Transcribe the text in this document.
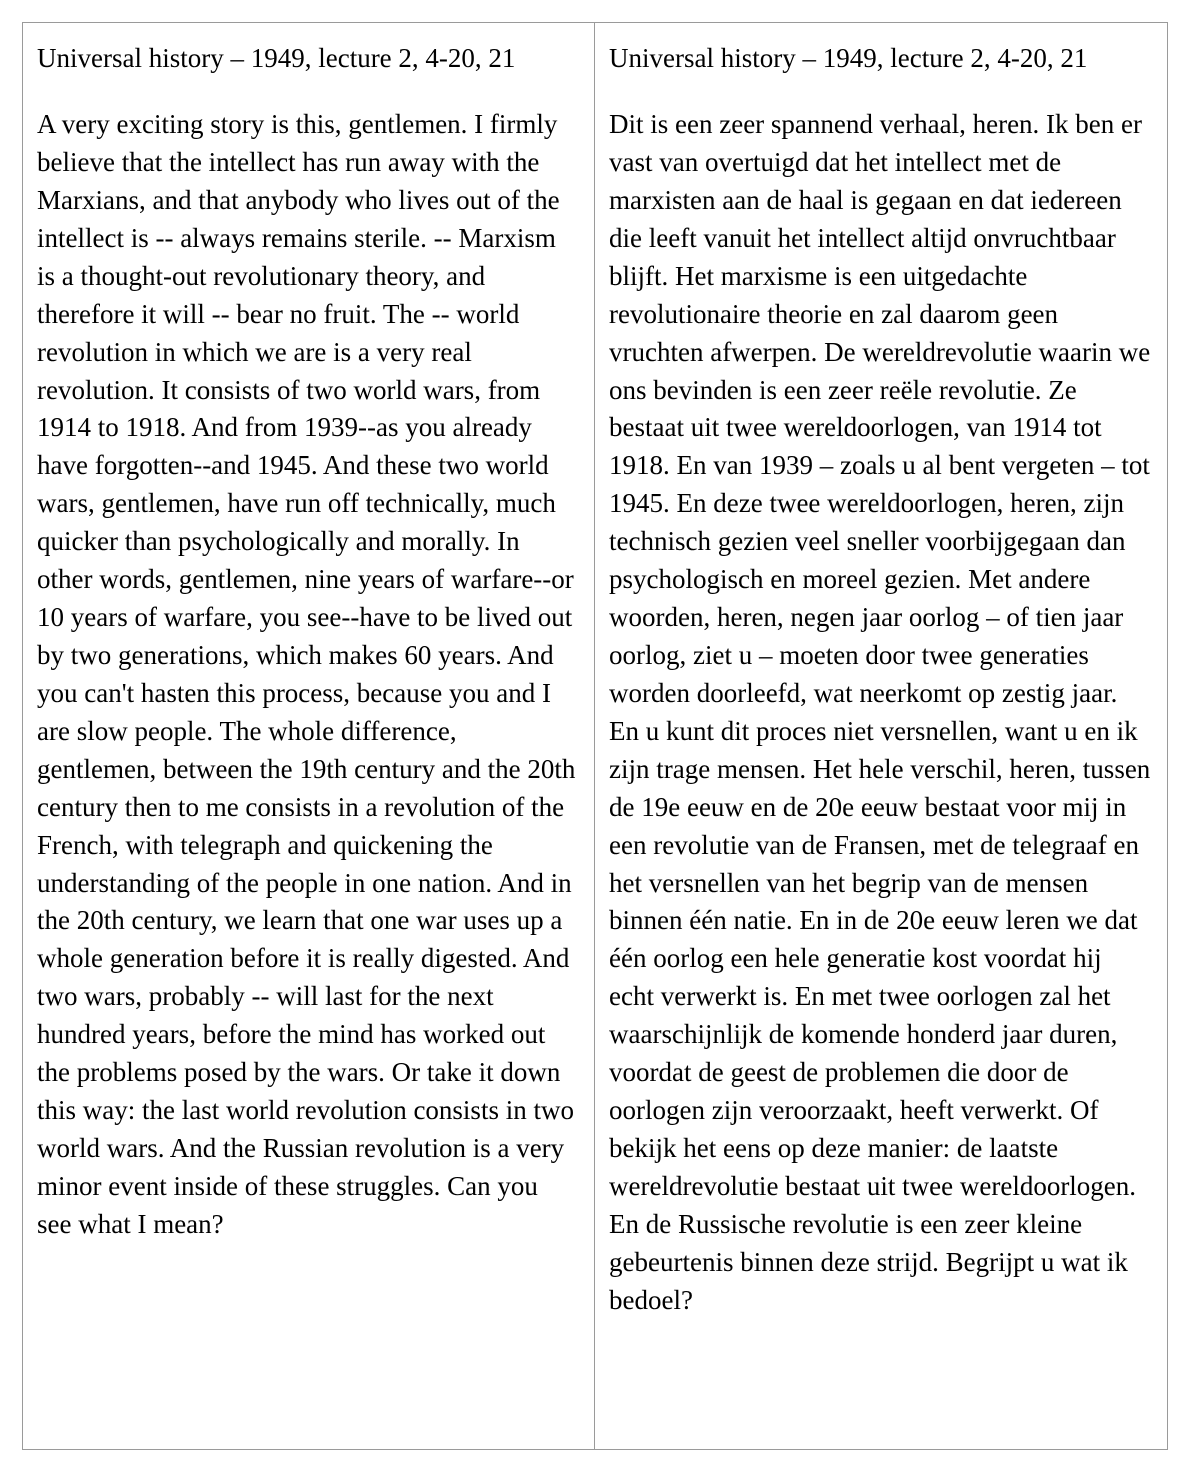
Universal history – 1949, lecture 2, 4-20, 21

A very exciting story is this, gentlemen. I firmly believe that the intellect has run away with the Marxians, and that anybody who lives out of the intellect is -- always remains sterile. -- Marxism is a thought-out revolutionary theory, and therefore it will -- bear no fruit. The -- world revolution in which we are is a very real revolution. It consists of two world wars, from 1914 to 1918. And from 1939--as you already have forgotten--and 1945. And these two world wars, gentlemen, have run off technically, much quicker than psychologically and morally. In other words, gentlemen, nine years of warfare--or 10 years of warfare, you see--have to be lived out by two generations, which makes 60 years. And you can't hasten this process, because you and I are slow people. The whole difference, gentlemen, between the 19th century and the 20th century then to me consists in a revolution of the French, with telegraph and quickening the understanding of the people in one nation. And in the 20th century, we learn that one war uses up a whole generation before it is really digested. And two wars, probably -- will last for the next hundred years, before the mind has worked out the problems posed by the wars. Or take it down this way: the last world revolution consists in two world wars. And the Russian revolution is a very minor event inside of these struggles. Can you see what I mean?

Universal history – 1949, lecture 2, 4-20, 21

Dit is een zeer spannend verhaal, heren. Ik ben er vast van overtuigd dat het intellect met de marxisten aan de haal is gegaan en dat iedereen die leeft vanuit het intellect altijd onvruchtbaar blijft. Het marxisme is een uitgedachte revolutionaire theorie en zal daarom geen vruchten afwerpen. De wereldrevolutie waarin we ons bevinden is een zeer reële revolutie. Ze bestaat uit twee wereldoorlogen, van 1914 tot 1918. En van 1939 – zoals u al bent vergeten – tot 1945. En deze twee wereldoorlogen, heren, zijn technisch gezien veel sneller voorbijgegaan dan psychologisch en moreel gezien. Met andere woorden, heren, negen jaar oorlog – of tien jaar oorlog, ziet u – moeten door twee generaties worden doorleefd, wat neerkomt op zestig jaar. En u kunt dit proces niet versnellen, want u en ik zijn trage mensen. Het hele verschil, heren, tussen de 19e eeuw en de 20e eeuw bestaat voor mij in een revolutie van de Fransen, met de telegraaf en het versnellen van het begrip van de mensen binnen één natie. En in de 20e eeuw leren we dat één oorlog een hele generatie kost voordat hij echt verwerkt is. En met twee oorlogen zal het waarschijnlijk de komende honderd jaar duren, voordat de geest de problemen die door de oorlogen zijn veroorzaakt, heeft verwerkt. Of bekijk het eens op deze manier: de laatste wereldrevolutie bestaat uit twee wereldoorlogen. En de Russische revolutie is een zeer kleine gebeurtenis binnen deze strijd. Begrijpt u wat ik bedoel?
